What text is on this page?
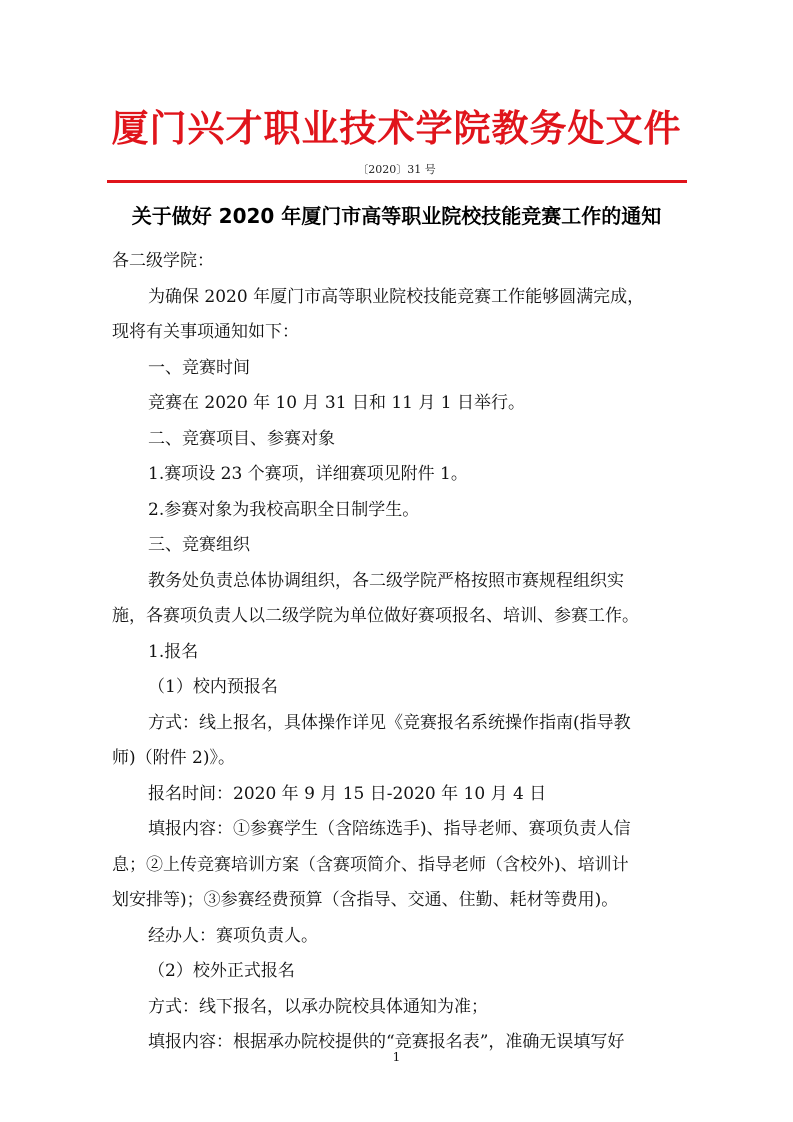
厦门兴才职业技术学院教务处文件
〔2020〕31 号
关于做好 2020 年厦门市高等职业院校技能竞赛工作的通知
各二级学院：
为确保 2020 年厦门市高等职业院校技能竞赛工作能够圆满完成，
现将有关事项通知如下：
一、竞赛时间
竞赛在 2020 年 10 月 31 日和 11 月 1 日举行。
二、竞赛项目、参赛对象
1.赛项设 23 个赛项，详细赛项见附件 1。
2.参赛对象为我校高职全日制学生。
三、竞赛组织
教务处负责总体协调组织，各二级学院严格按照市赛规程组织实
施，各赛项负责人以二级学院为单位做好赛项报名、培训、参赛工作。
1.报名
（1）校内预报名
方式：线上报名，具体操作详见《竞赛报名系统操作指南(指导教
师)（附件 2)》。
报名时间：2020 年 9 月 15 日-2020 年 10 月 4 日
填报内容：①参赛学生（含陪练选手)、指导老师、赛项负责人信
息；②上传竞赛培训方案（含赛项简介、指导老师（含校外)、培训计
划安排等)；③参赛经费预算（含指导、交通、住勤、耗材等费用)。
经办人：赛项负责人。
（2）校外正式报名
方式：线下报名，以承办院校具体通知为准；
填报内容：根据承办院校提供的“竞赛报名表”，准确无误填写好
1
